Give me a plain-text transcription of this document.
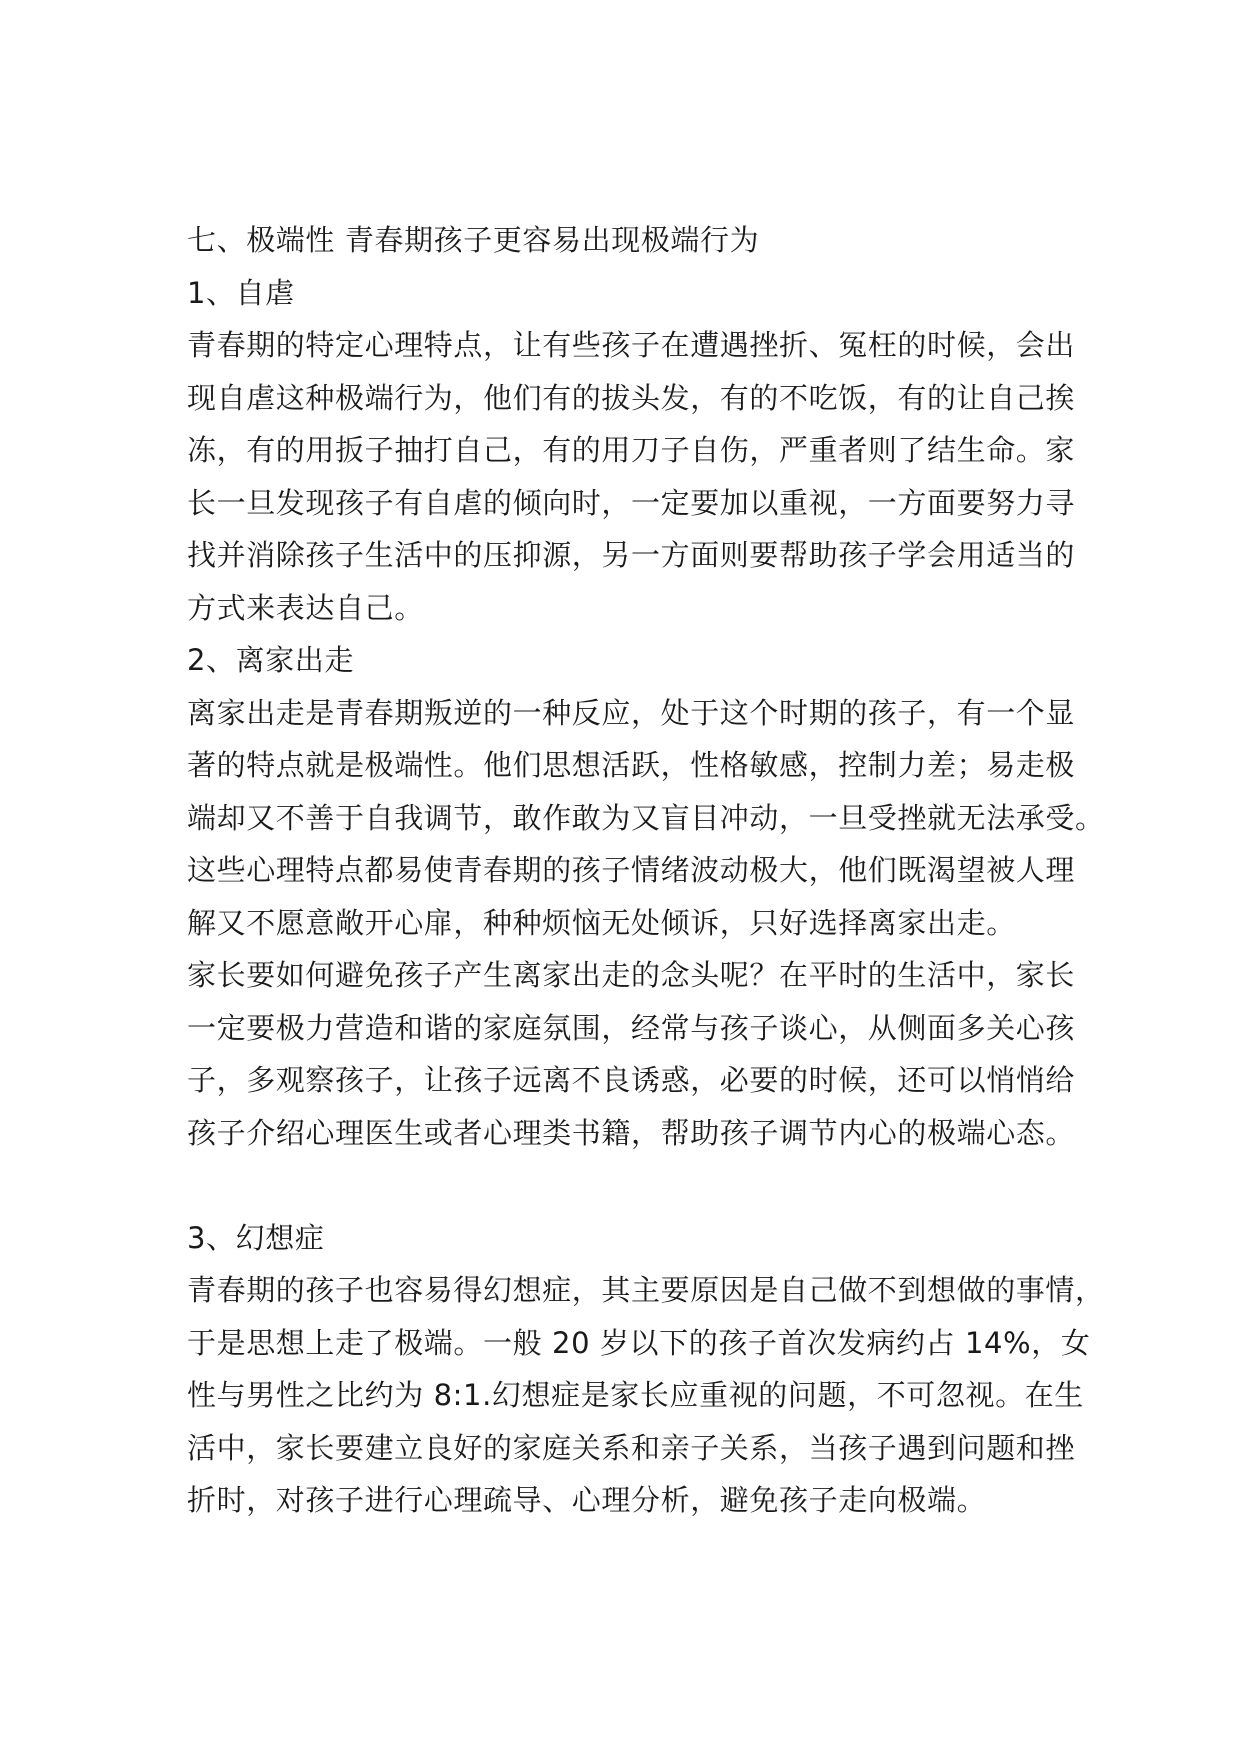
七、极端性 青春期孩子更容易出现极端行为
1、自虐
青春期的特定心理特点，让有些孩子在遭遇挫折、冤枉的时候，会出
现自虐这种极端行为，他们有的拔头发，有的不吃饭，有的让自己挨
冻，有的用扳子抽打自己，有的用刀子自伤，严重者则了结生命。家
长一旦发现孩子有自虐的倾向时，一定要加以重视，一方面要努力寻
找并消除孩子生活中的压抑源，另一方面则要帮助孩子学会用适当的
方式来表达自己。
2、离家出走
离家出走是青春期叛逆的一种反应，处于这个时期的孩子，有一个显
著的特点就是极端性。他们思想活跃，性格敏感，控制力差；易走极
端却又不善于自我调节，敢作敢为又盲目冲动，一旦受挫就无法承受。
这些心理特点都易使青春期的孩子情绪波动极大，他们既渴望被人理
解又不愿意敞开心扉，种种烦恼无处倾诉，只好选择离家出走。
家长要如何避免孩子产生离家出走的念头呢？在平时的生活中，家长
一定要极力营造和谐的家庭氛围，经常与孩子谈心，从侧面多关心孩
子，多观察孩子，让孩子远离不良诱惑，必要的时候，还可以悄悄给
孩子介绍心理医生或者心理类书籍，帮助孩子调节内心的极端心态。
3、幻想症
青春期的孩子也容易得幻想症，其主要原因是自己做不到想做的事情，
于是思想上走了极端。一般 20 岁以下的孩子首次发病约占 14%，女
性与男性之比约为 8:1.幻想症是家长应重视的问题，不可忽视。在生
活中，家长要建立良好的家庭关系和亲子关系，当孩子遇到问题和挫
折时，对孩子进行心理疏导、心理分析，避免孩子走向极端。
